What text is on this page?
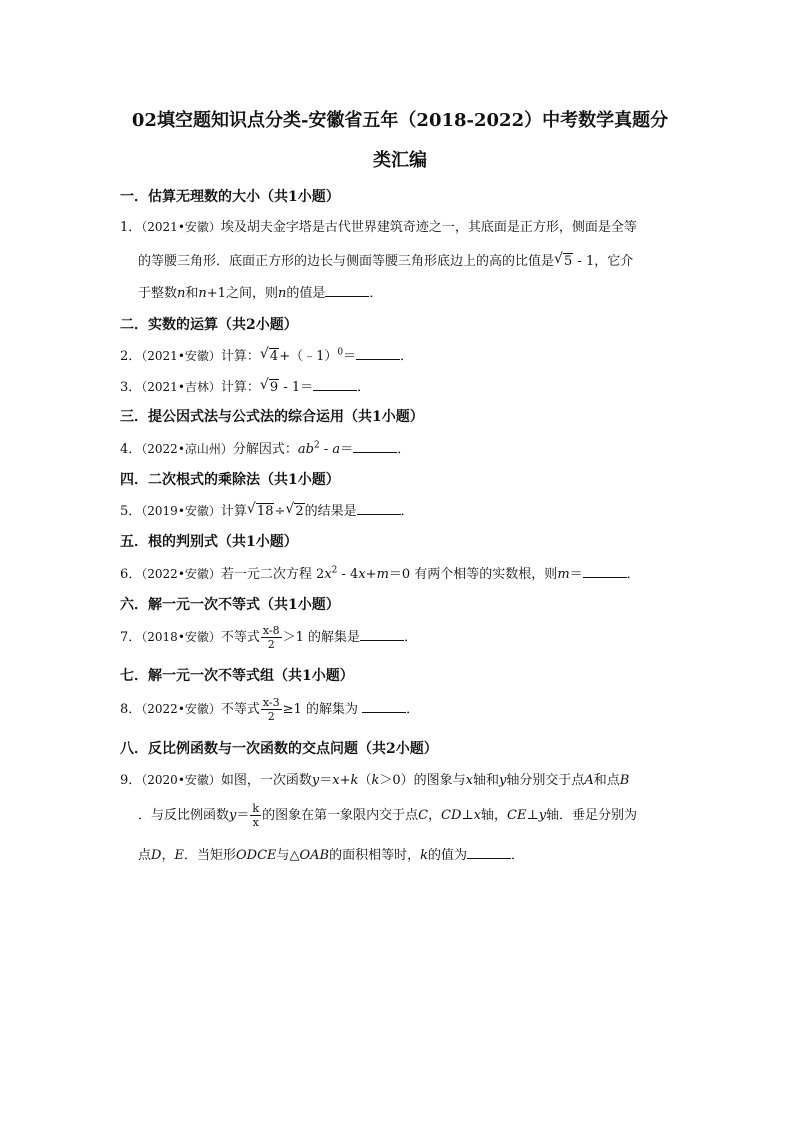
02填空题知识点分类-安徽省五年（2018-2022）中考数学真题分
类汇编
一．估算无理数的大小（共1小题）
1．（2021•安徽）埃及胡夫金字塔是古代世界建筑奇迹之一，其底面是正方形，侧面是全等
的等腰三角形．底面正方形的边长与侧面等腰三角形底边上的高的比值是 √ 5 - 1，它介
于整数n和n+1之间，则n的值是	．
二．实数的运算（共2小题）
2．（2021•安徽）计算： √ 4+（﹣1）$^0$＝	．
3．（2021•吉林）计算： √ 9 - 1＝	．
三．提公因式法与公式法的综合运用（共1小题）
4．（2022•凉山州）分解因式：$ab^2 - a=$	．
四．二次根式的乘除法（共1小题）
5．（2019•安徽）计算 √ 18÷ √ 2的结果是	．
五．根的判别式（共1小题）
6．（2022•安徽）若一元二次方程 $2x^2 - 4x+m=0$ 有两个相等的实数根，则m＝	．
六．解一元一次不等式（共1小题）
7．（2018•安徽）不等式 $\frac{x-8}{2} >1$ 的解集是	．
七．解一元一次不等式组（共1小题）
8．（2022•安徽）不等式 $\frac{x-3}{2} \ge 1$ 的解集为	．
八．反比例函数与一次函数的交点问题（共2小题）
9．（2020•安徽）如图，一次函数y＝x+k（k＞0）的图象与x轴和y轴分别交于点A和点B
．与反比例函数$y= \frac{k}{x}$ 的图象在第一象限内交于点C，CD⊥x轴，CE⊥y轴．垂足分别为
点D，E．当矩形ODCE与△OAB的面积相等时，k的值为	．
